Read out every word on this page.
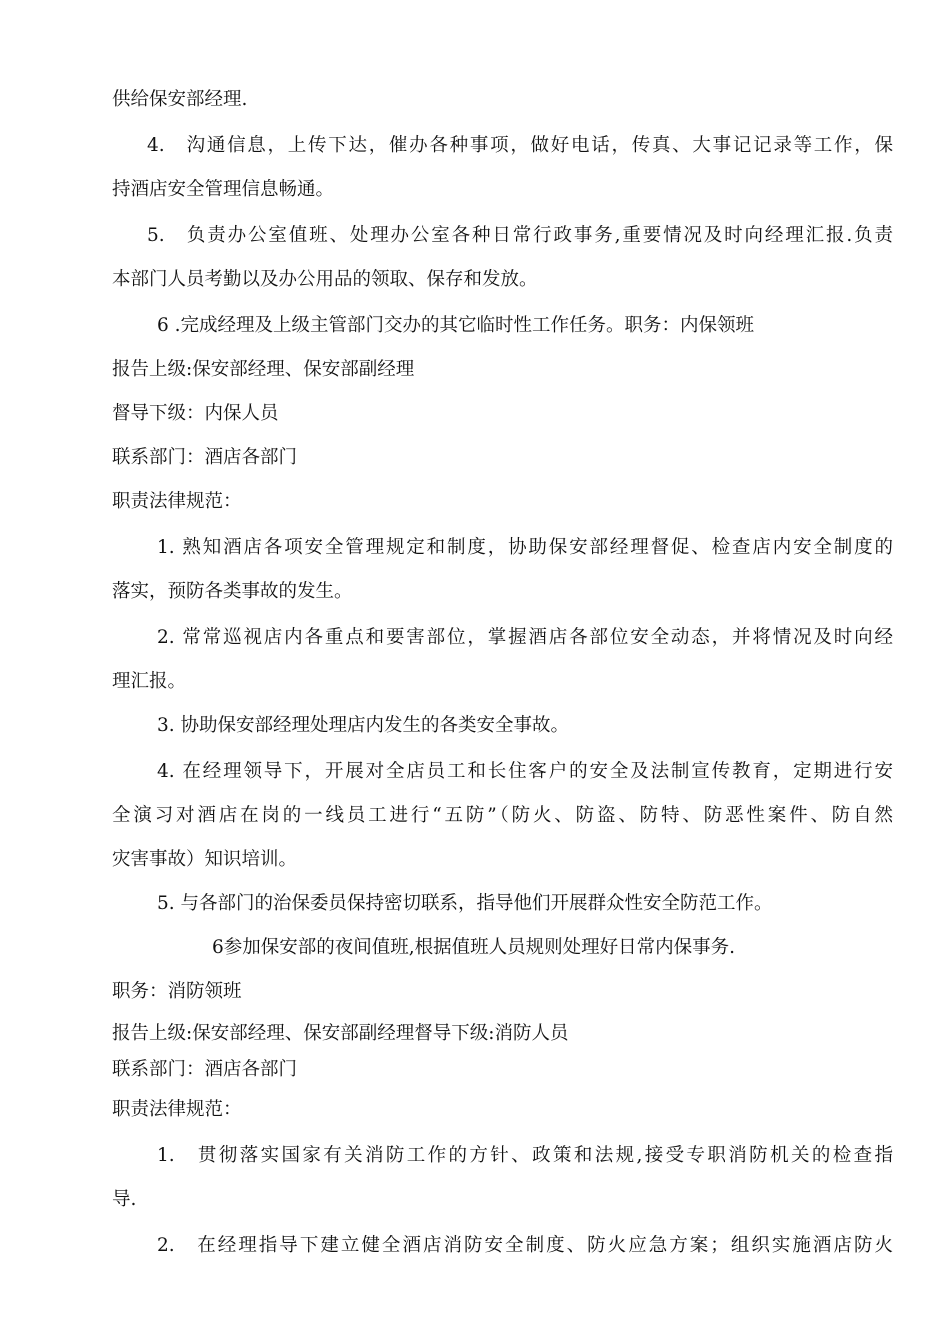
供给保安部经理.
4.　沟通信息，上传下达，催办各种事项，做好电话，传真、大事记记录等工作，保
持酒店安全管理信息畅通。
5.　负责办公室值班、处理办公室各种日常行政事务,重要情况及时向经理汇报.负责
本部门人员考勤以及办公用品的领取、保存和发放。
6 .完成经理及上级主管部门交办的其它临时性工作任务。职务：内保领班
报告上级:保安部经理、保安部副经理
督导下级：内保人员
联系部门：酒店各部门
职责法律规范：
1. 熟知酒店各项安全管理规定和制度，协助保安部经理督促、检查店内安全制度的
落实，预防各类事故的发生。
2. 常常巡视店内各重点和要害部位，掌握酒店各部位安全动态，并将情况及时向经
理汇报。
3. 协助保安部经理处理店内发生的各类安全事故。
4. 在经理领导下，开展对全店员工和长住客户的安全及法制宣传教育，定期进行安
全演习对酒店在岗的一线员工进行“五防”（防火、防盗、防特、防恶性案件、防自然
灾害事故）知识培训。
5. 与各部门的治保委员保持密切联系，指导他们开展群众性安全防范工作。
6参加保安部的夜间值班,根据值班人员规则处理好日常内保事务.
职务：消防领班
报告上级:保安部经理、保安部副经理督导下级:消防人员
联系部门：酒店各部门
职责法律规范：
1.　贯彻落实国家有关消防工作的方针、政策和法规,接受专职消防机关的检查指
导.
2.　在经理指导下建立健全酒店消防安全制度、防火应急方案；组织实施酒店防火
